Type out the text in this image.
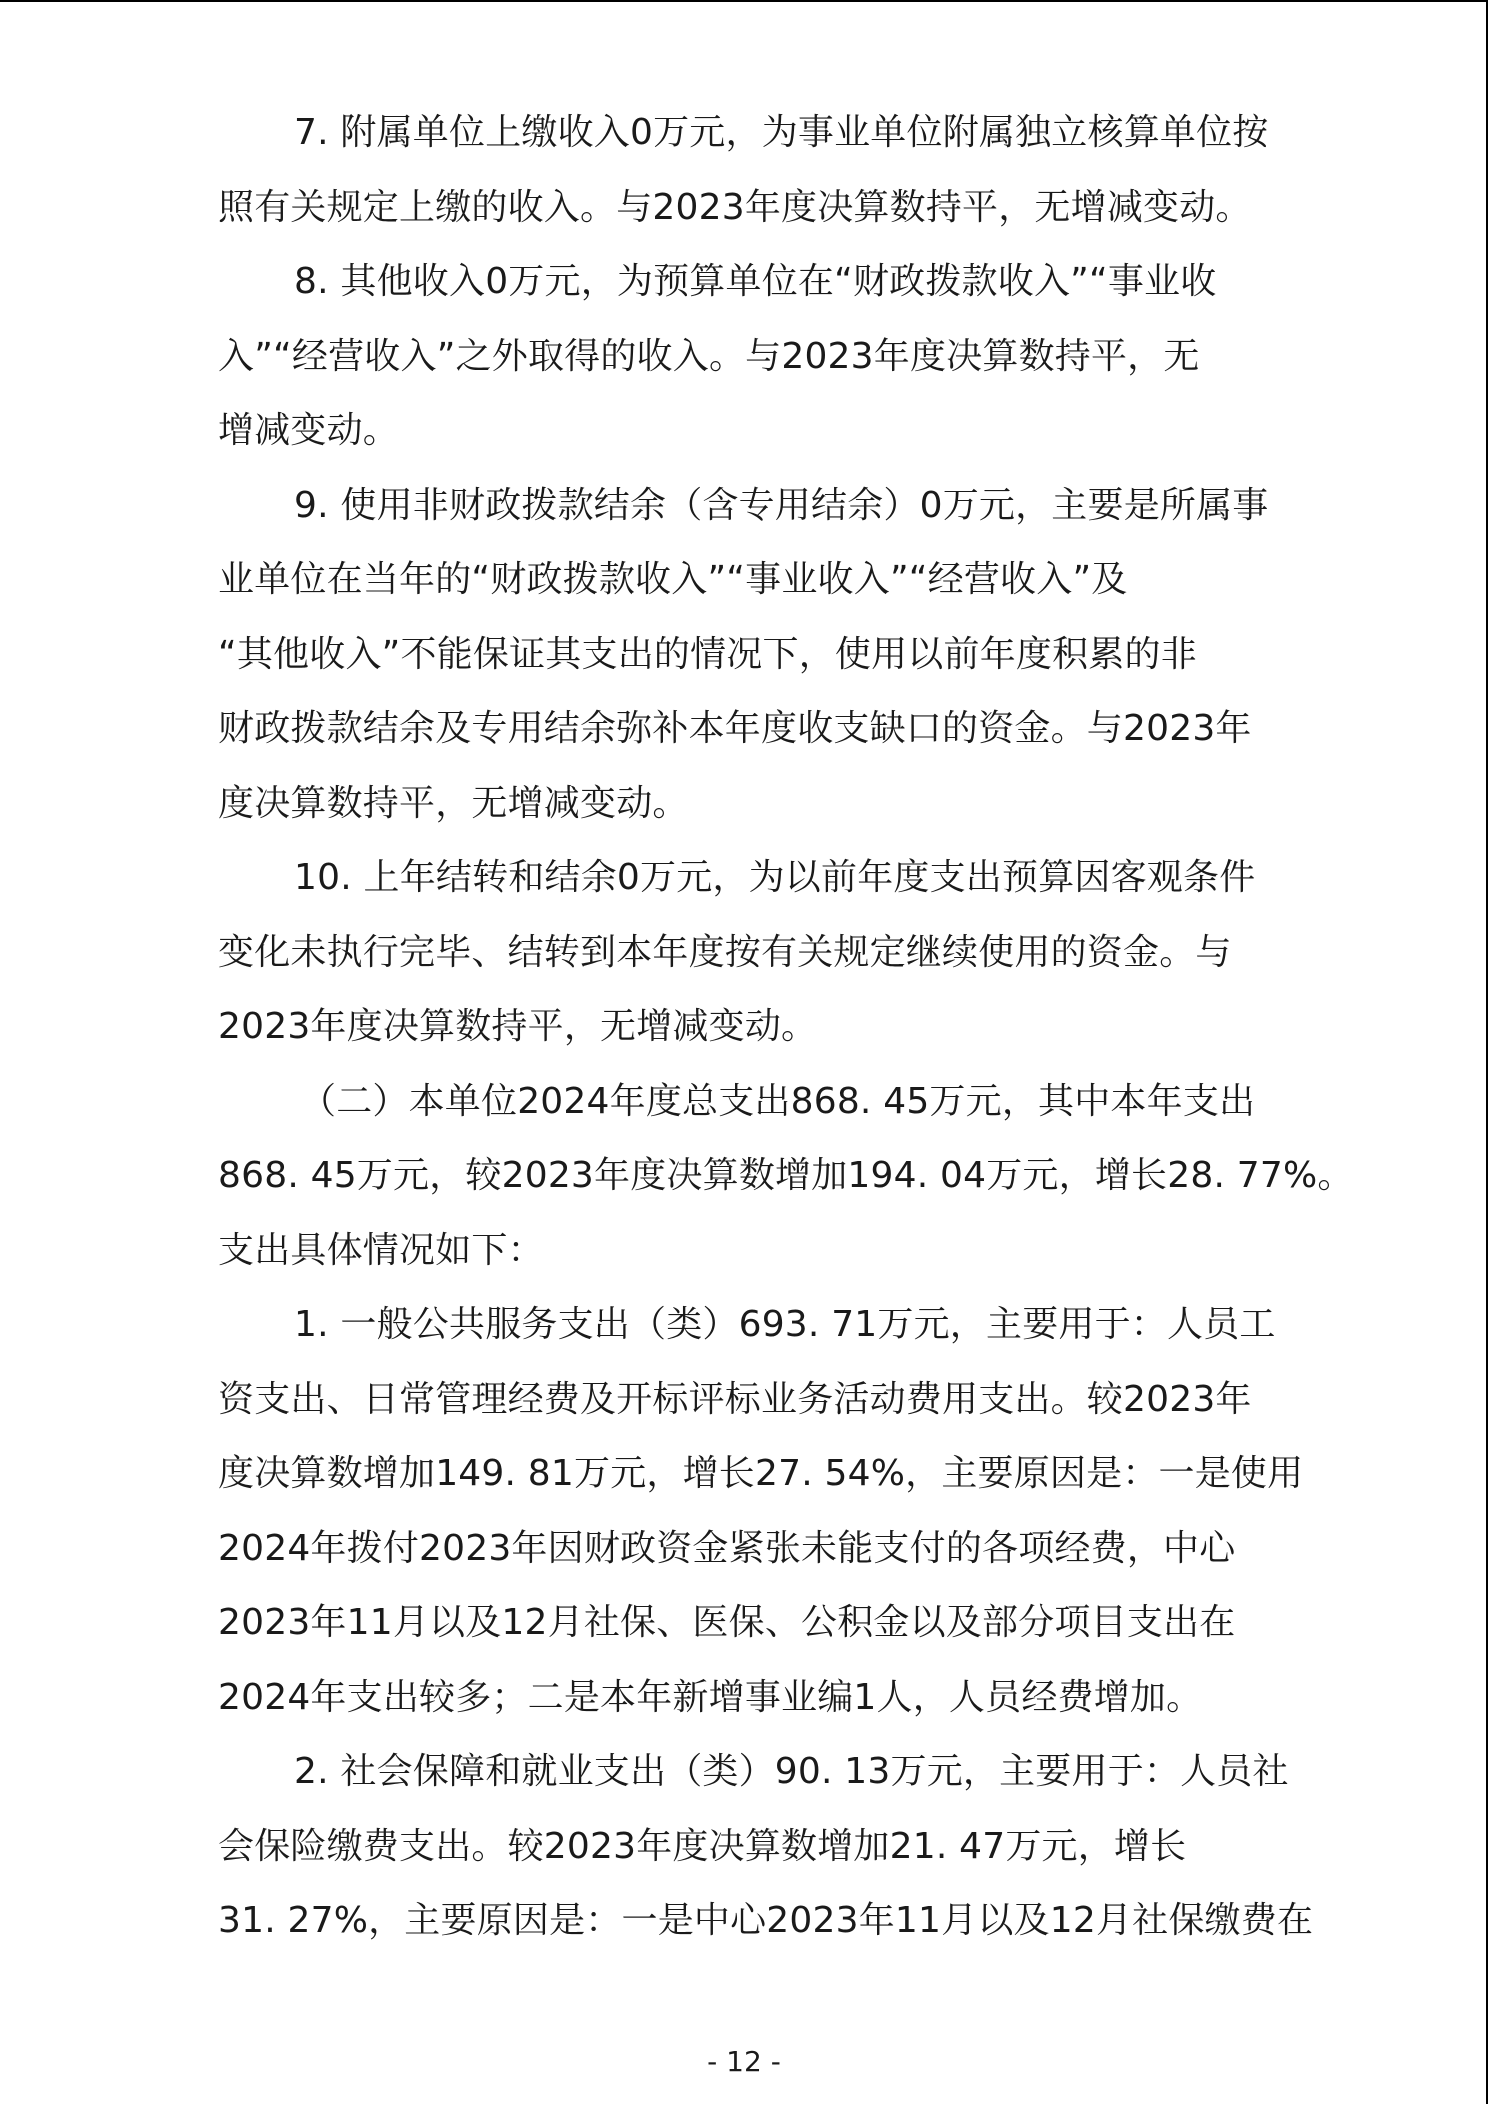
7. 附属单位上缴收入0万元，为事业单位附属独立核算单位按
照有关规定上缴的收入。与2023年度决算数持平，无增减变动。
8. 其他收入0万元，为预算单位在“财政拨款收入”“事业收
入”“经营收入”之外取得的收入。与2023年度决算数持平，无
增减变动。
9. 使用非财政拨款结余（含专用结余）0万元，主要是所属事
业单位在当年的“财政拨款收入”“事业收入”“经营收入”及
“其他收入”不能保证其支出的情况下，使用以前年度积累的非
财政拨款结余及专用结余弥补本年度收支缺口的资金。与2023年
度决算数持平，无增减变动。
10. 上年结转和结余0万元，为以前年度支出预算因客观条件
变化未执行完毕、结转到本年度按有关规定继续使用的资金。与
2023年度决算数持平，无增减变动。
（二）本单位2024年度总支出868. 45万元，其中本年支出
868. 45万元，较2023年度决算数增加194. 04万元，增长28. 77%。
支出具体情况如下：
1. 一般公共服务支出（类）693. 71万元，主要用于：人员工
资支出、日常管理经费及开标评标业务活动费用支出。较2023年
度决算数增加149. 81万元，增长27. 54%，主要原因是：一是使用
2024年拨付2023年因财政资金紧张未能支付的各项经费，中心
2023年11月以及12月社保、医保、公积金以及部分项目支出在
2024年支出较多；二是本年新增事业编1人，人员经费增加。
2. 社会保障和就业支出（类）90. 13万元，主要用于：人员社
会保险缴费支出。较2023年度决算数增加21. 47万元，增长
31. 27%，主要原因是：一是中心2023年11月以及12月社保缴费在
- 12 -
